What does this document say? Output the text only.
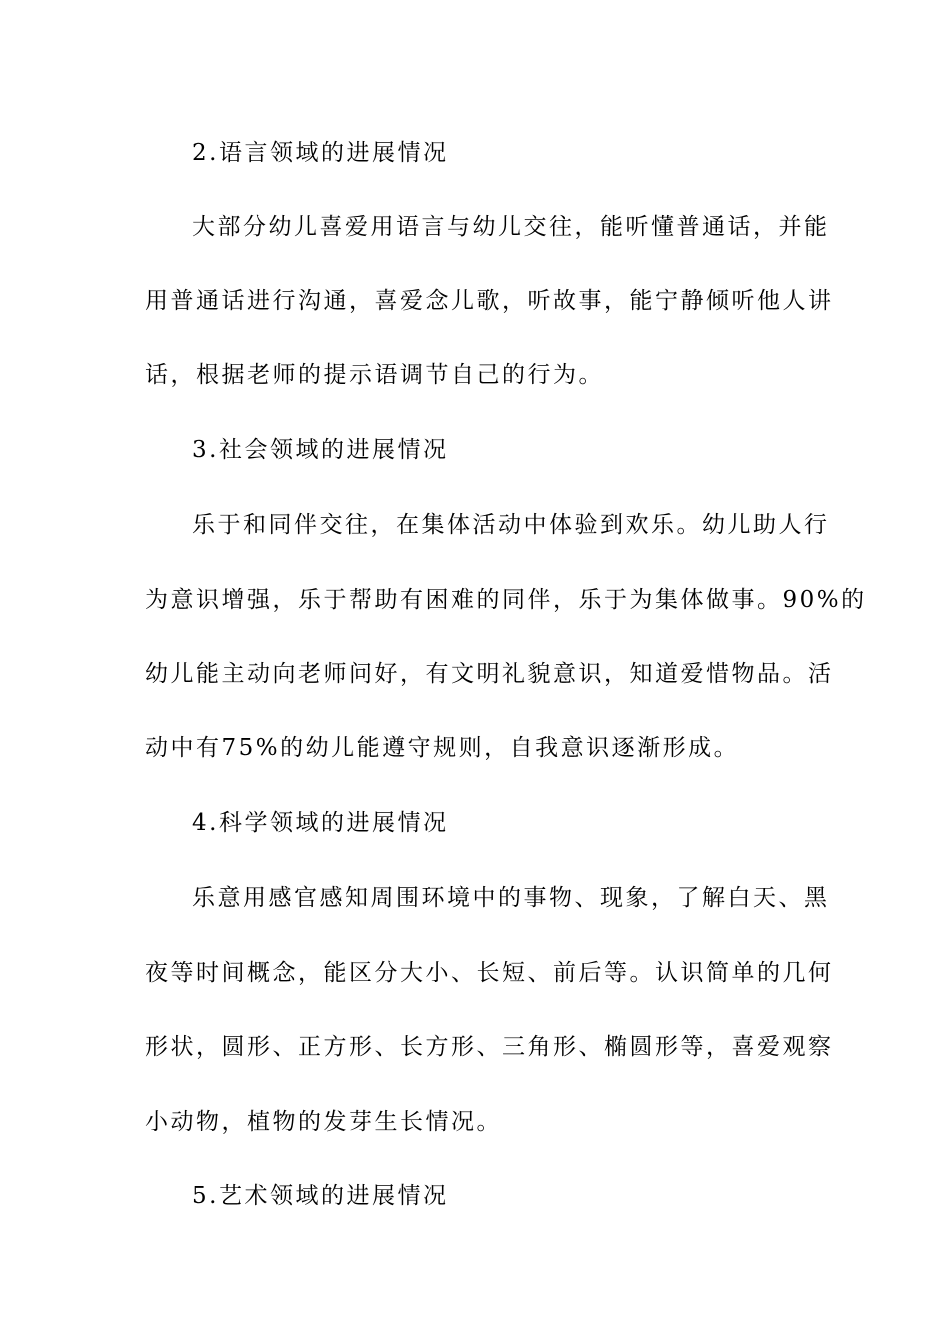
2.语言领域的进展情况
大部分幼儿喜爱用语言与幼儿交往，能听懂普通话，并能
用普通话进行沟通，喜爱念儿歌，听故事，能宁静倾听他人讲
话，根据老师的提示语调节自己的行为。
3.社会领域的进展情况
乐于和同伴交往，在集体活动中体验到欢乐。幼儿助人行
为意识增强，乐于帮助有困难的同伴，乐于为集体做事。90%的
幼儿能主动向老师问好，有文明礼貌意识，知道爱惜物品。活
动中有75%的幼儿能遵守规则，自我意识逐渐形成。
4.科学领域的进展情况
乐意用感官感知周围环境中的事物、现象，了解白天、黑
夜等时间概念，能区分大小、长短、前后等。认识简单的几何
形状，圆形、正方形、长方形、三角形、椭圆形等，喜爱观察
小动物，植物的发芽生长情况。
5.艺术领域的进展情况
